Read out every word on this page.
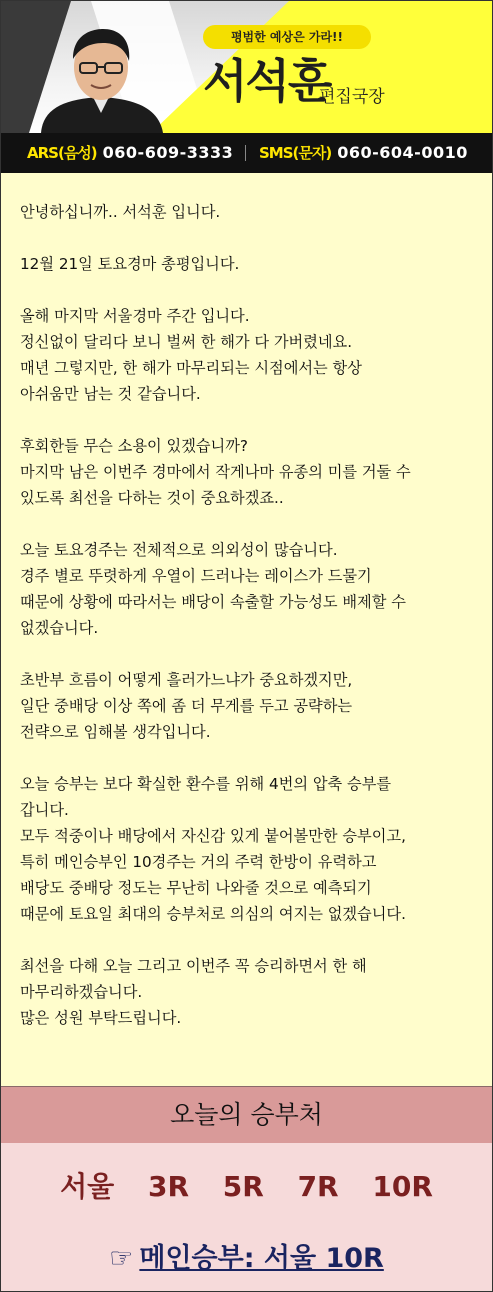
평범한 예상은 가라!!
서석훈
편집국장
ARS(음성) 060-609-3333 SMS(문자) 060-604-0010
안녕하십니까.. 서석훈 입니다.
12월 21일 토요경마 총평입니다.
올해 마지막 서울경마 주간 입니다.
정신없이 달리다 보니 벌써 한 해가 다 가버렸네요.
매년 그렇지만, 한 해가 마무리되는 시점에서는 항상
아쉬움만 남는 것 같습니다.
후회한들 무슨 소용이 있겠습니까?
마지막 남은 이번주 경마에서 작게나마 유종의 미를 거둘 수
있도록 최선을 다하는 것이 중요하겠죠..
오늘 토요경주는 전체적으로 의외성이 많습니다.
경주 별로 뚜렷하게 우열이 드러나는 레이스가 드물기
때문에 상황에 따라서는 배당이 속출할 가능성도 배제할 수
없겠습니다.
초반부 흐름이 어떻게 흘러가느냐가 중요하겠지만,
일단 중배당 이상 쪽에 좀 더 무게를 두고 공략하는
전략으로 임해볼 생각입니다.
오늘 승부는 보다 확실한 환수를 위해 4번의 압축 승부를
갑니다.
모두 적중이나 배당에서 자신감 있게 붙어볼만한 승부이고,
특히 메인승부인 10경주는 거의 주력 한방이 유력하고
배당도 중배당 정도는 무난히 나와줄 것으로 예측되기
때문에 토요일 최대의 승부처로 의심의 여지는 없겠습니다.
최선을 다해 오늘 그리고 이번주 꼭 승리하면서 한 해
마무리하겠습니다.
많은 성원 부탁드립니다.
오늘의 승부처
서울 3R 5R 7R 10R
☞ 메인승부: 서울 10R
